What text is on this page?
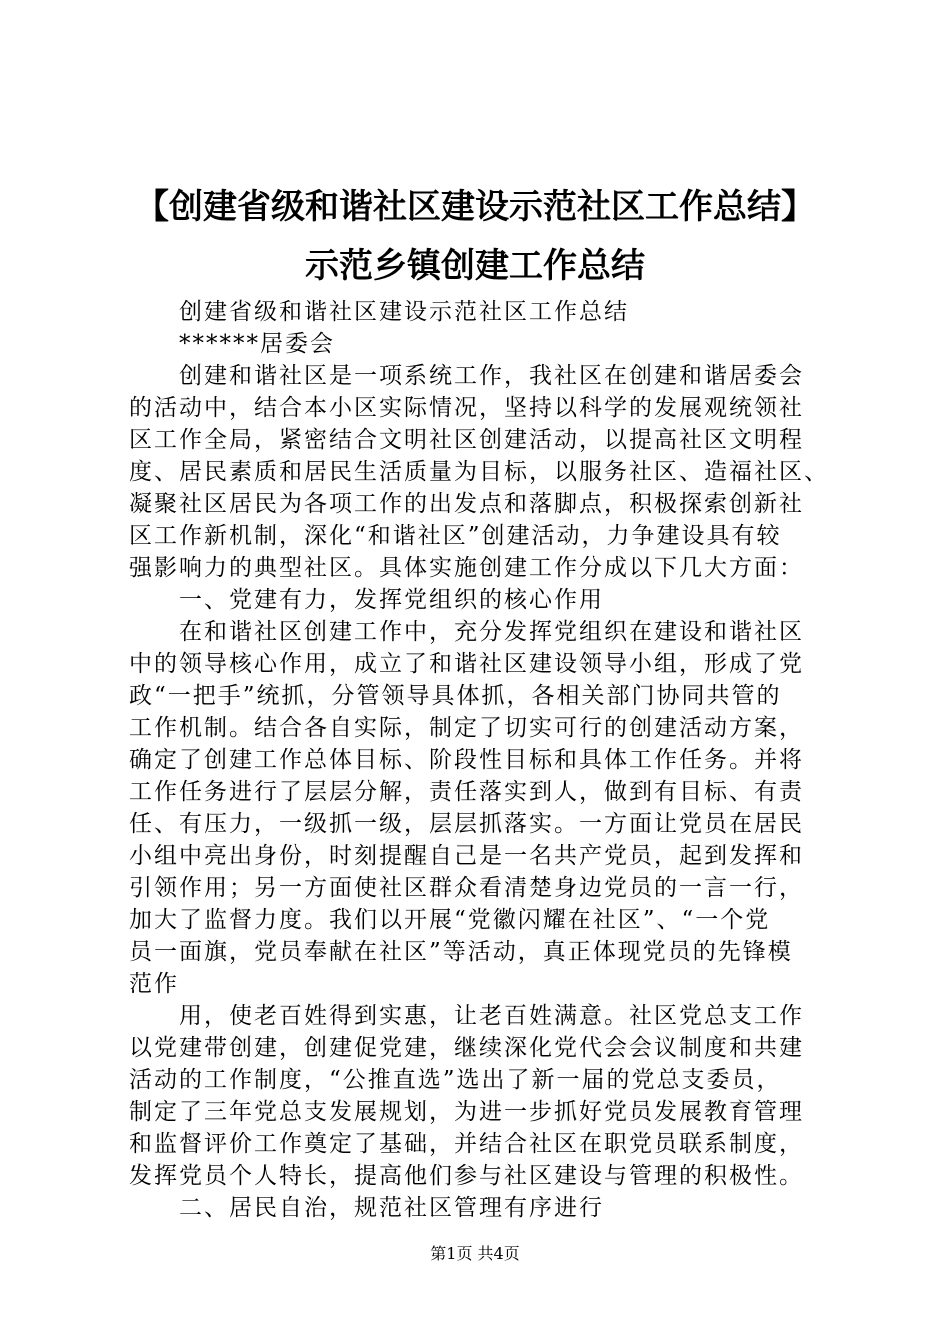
【创建省级和谐社区建设示范社区工作总结】
示范乡镇创建工作总结
创建省级和谐社区建设示范社区工作总结
******居委会
创建和谐社区是一项系统工作，我社区在创建和谐居委会
的活动中，结合本小区实际情况，坚持以科学的发展观统领社
区工作全局，紧密结合文明社区创建活动，以提高社区文明程
度、居民素质和居民生活质量为目标，以服务社区、造福社区、
凝聚社区居民为各项工作的出发点和落脚点，积极探索创新社
区工作新机制，深化“和谐社区”创建活动，力争建设具有较
强影响力的典型社区。具体实施创建工作分成以下几大方面：
一、党建有力，发挥党组织的核心作用
在和谐社区创建工作中，充分发挥党组织在建设和谐社区
中的领导核心作用，成立了和谐社区建设领导小组，形成了党
政“一把手”统抓，分管领导具体抓，各相关部门协同共管的
工作机制。结合各自实际，制定了切实可行的创建活动方案，
确定了创建工作总体目标、阶段性目标和具体工作任务。并将
工作任务进行了层层分解，责任落实到人，做到有目标、有责
任、有压力，一级抓一级，层层抓落实。一方面让党员在居民
小组中亮出身份，时刻提醒自己是一名共产党员，起到发挥和
引领作用；另一方面使社区群众看清楚身边党员的一言一行，
加大了监督力度。我们以开展“党徽闪耀在社区”、“一个党
员一面旗，党员奉献在社区”等活动，真正体现党员的先锋模
范作
用，使老百姓得到实惠，让老百姓满意。社区党总支工作
以党建带创建，创建促党建，继续深化党代会会议制度和共建
活动的工作制度，“公推直选”选出了新一届的党总支委员，
制定了三年党总支发展规划，为进一步抓好党员发展教育管理
和监督评价工作奠定了基础，并结合社区在职党员联系制度，
发挥党员个人特长，提高他们参与社区建设与管理的积极性。
二、居民自治，规范社区管理有序进行
第1页 共4页
